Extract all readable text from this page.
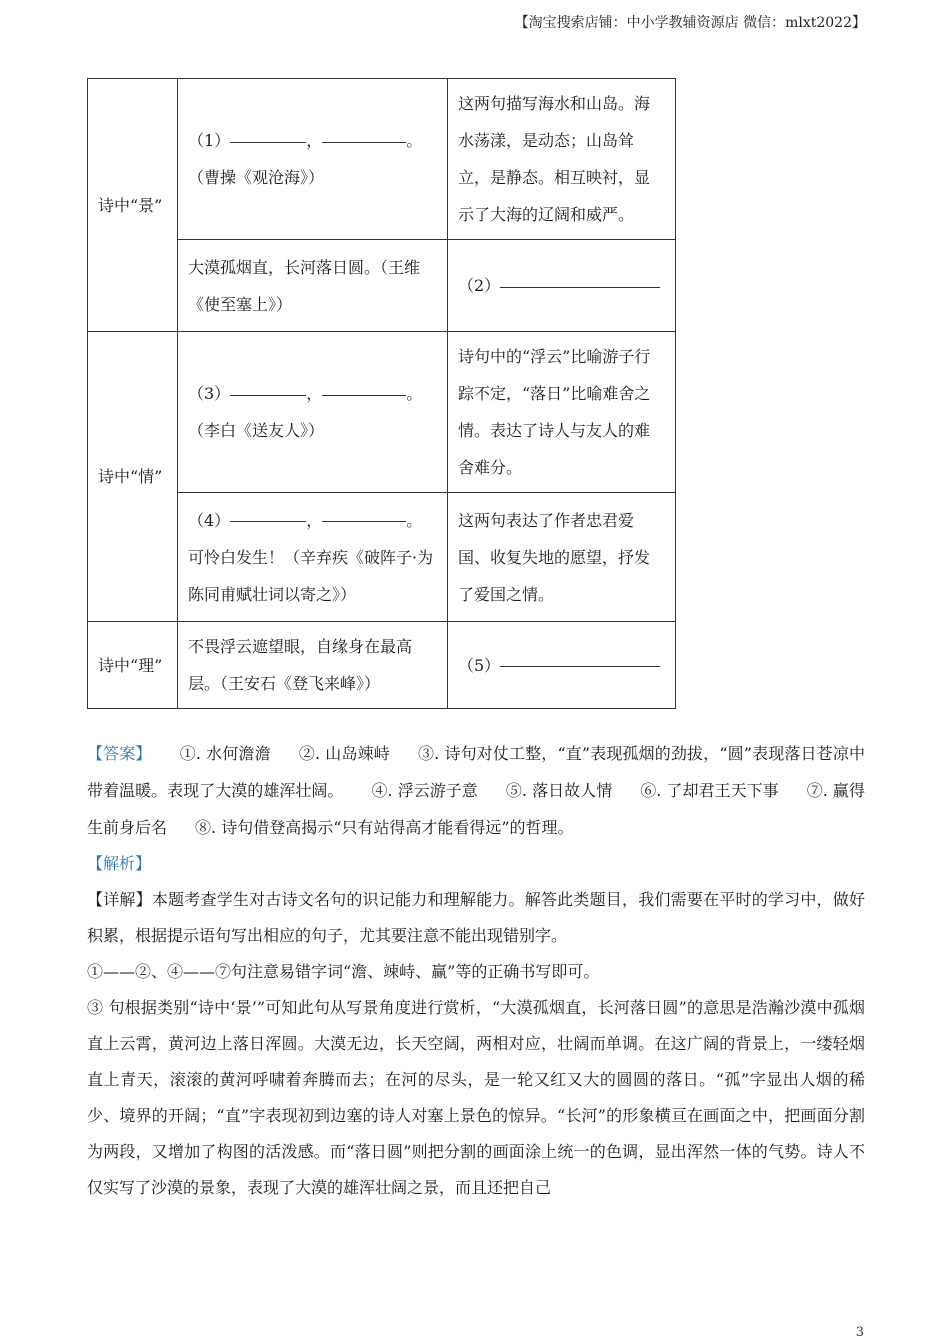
【淘宝搜索店铺：中小学教辅资源店 微信：mlxt2022】
诗中“景”	（1） ， 。（曹操《观沧海》）	这两句描写海水和山岛。海水荡漾，是动态；山岛耸立，是静态。相互映衬，显示了大海的辽阔和威严。
	大漠孤烟直，长河落日圆。（王维《使至塞上》）	（2）
诗中“情”	（3） ， 。（李白《送友人》）	诗句中的“浮云”比喻游子行踪不定，“落日”比喻难舍之情。表达了诗人与友人的难舍难分。
	（4） ， 。可怜白发生！（辛弃疾《破阵子·为陈同甫赋壮词以寄之》）	这两句表达了作者忠君爱国、收复失地的愿望，抒发了爱国之情。
诗中“理”	不畏浮云遮望眼，自缘身在最高层。（王安石《登飞来峰》）	（5）

【答案】 ①. 水何澹澹 ②. 山岛竦峙 ③. 诗句对仗工整，“直”表现孤烟的劲拔，“圆”表现落日苍凉中带着温暖。表现了大漠的雄浑壮阔。 ④. 浮云游子意 ⑤. 落日故人情 ⑥. 了却君王天下事 ⑦. 赢得生前身后名 ⑧. 诗句借登高揭示“只有站得高才能看得远”的哲理。

【解析】

【详解】本题考查学生对古诗文名句的识记能力和理解能力。解答此类题目，我们需要在平时的学习中，做好积累，根据提示语句写出相应的句子，尤其要注意不能出现错别字。

①——②、④——⑦句注意易错字词“澹、竦峙、赢”等的正确书写即可。

③ 句根据类别“诗中‘景’”可知此句从写景角度进行赏析，“大漠孤烟直，长河落日圆”的意思是浩瀚沙漠中孤烟直上云霄，黄河边上落日浑圆。大漠无边，长天空阔，两相对应，壮阔而单调。在这广阔的背景上，一缕轻烟直上青天，滚滚的黄河呼啸着奔腾而去；在河的尽头，是一轮又红又大的圆圆的落日。“孤”字显出人烟的稀少、境界的开阔；“直”字表现初到边塞的诗人对塞上景色的惊异。“长河”的形象横亘在画面之中，把画面分割为两段，又增加了构图的活泼感。而“落日圆”则把分割的画面涂上统一的色调，显出浑然一体的气势。诗人不仅实写了沙漠的景象，表现了大漠的雄浑壮阔之景，而且还把自己

3
